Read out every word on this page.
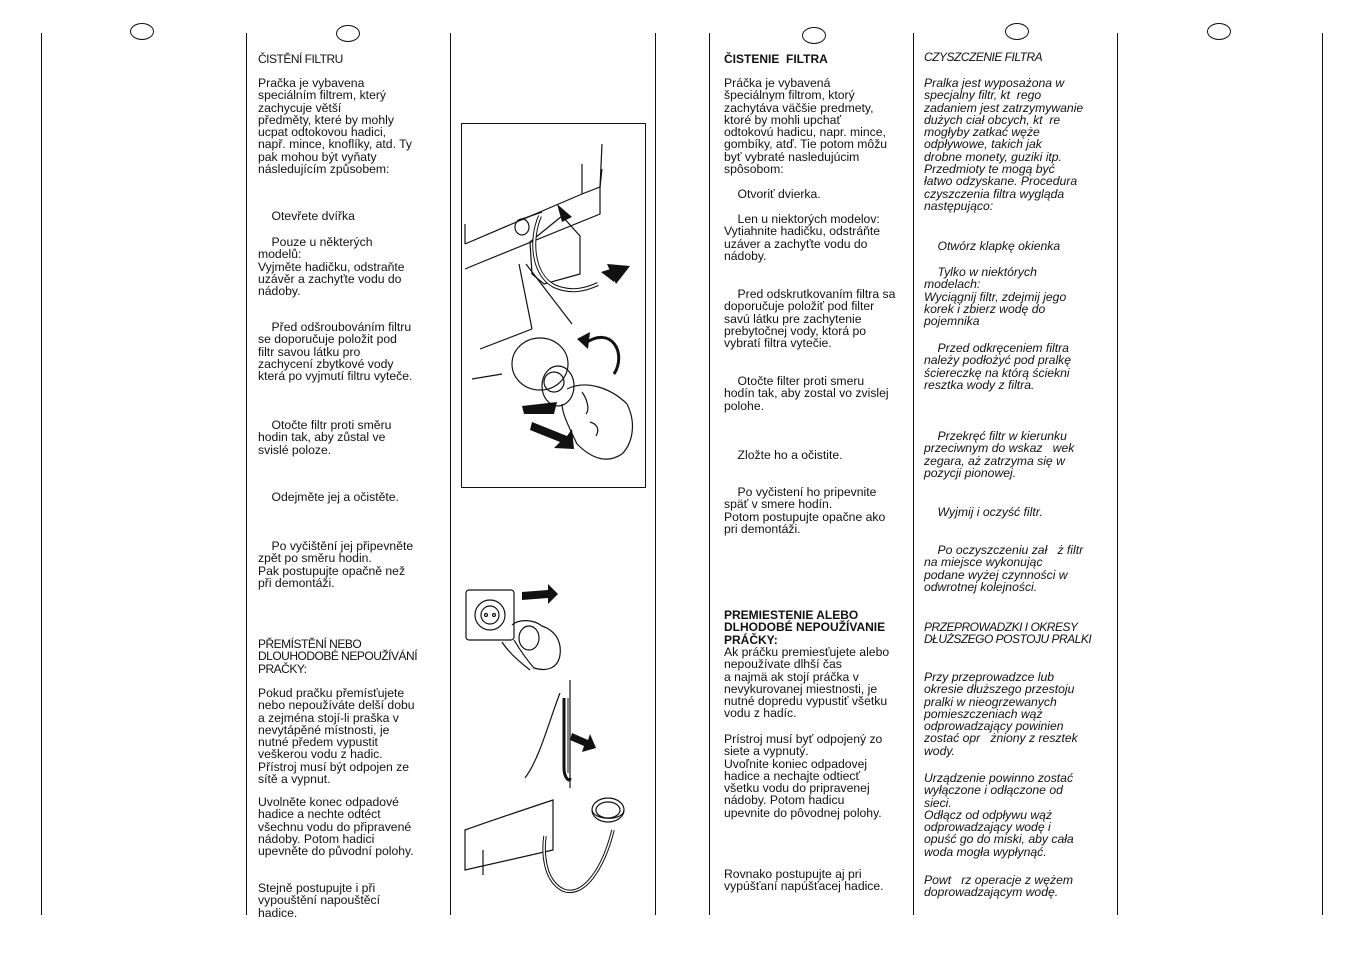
ČISTĚNÍ FILTRU

Pračka je vybavena
speciálním filtrem, který
zachycuje větší
předměty, které by mohly
ucpat odtokovou hadici,
např. mince, knoflíky, atd. Ty
pak mohou být vyňaty
následujícím způsobem:

Otevřete dvířka

Pouze u některých
modelů:
Vyjměte hadičku, odstraňte
uzávěr a zachyťte vodu do
nádoby.

Před odšroubováním filtru
se doporučuje položit pod
filtr savou látku pro
zachycení zbytkové vody
která po vyjmutí filtru vyteče.

Otočte filtr proti směru
hodin tak, aby zůstal ve
svislé poloze.

Odejměte jej a očistěte.

Po vyčištění jej připevněte
zpět po směru hodin.
Pak postupujte opačně než
při demontáži.

PŘEMÍSTĚNÍ NEBO
DLOUHODOBÉ NEPOUŽÍVÁNÍ
PRAČKY:

Pokud pračku přemísťujete
nebo nepoužíváte delší dobu
a zejména stojí-li praška v
nevytápěné místnosti, je
nutné předem vypustit
veškerou vodu z hadic.
Přístroj musí být odpojen ze
sítě a vypnut.

Uvolněte konec odpadové
hadice a nechte odtéct
všechnu vodu do připravené
nádoby. Potom hadici
upevněte do původní polohy.

Stejně postupujte i při
vypouštění napouštěcí
hadice.

ČISTENIE  FILTRA

Práčka je vybavená
špeciálnym filtrom, ktorý
zachytáva väčšie predmety,
ktoré by mohli upchať
odtokovú hadicu, napr. mince,
gombíky, atď. Tie potom môžu
byť vybraté nasledujúcim
spôsobom:

Otvoriť dvierka.

Len u niektorých modelov:
Vytiahnite hadičku, odstráňte
uzáver a zachyťte vodu do
nádoby.

Pred odskrutkovaním filtra sa
doporučuje položiť pod filter
savú látku pre zachytenie
prebytočnej vody, ktorá po
vybratí filtra vytečie.

Otočte filter proti smeru
hodín tak, aby zostal vo zvislej
polohe.

Zložte ho a očistite.

Po vyčistení ho pripevnite
späť v smere hodín.
Potom postupujte opačne ako
pri demontáži.

PREMIESTENIE ALEBO
DLHODOBÉ NEPOUŽÍVANIE
PRÁČKY:

Ak práčku premiesťujete alebo
nepoužívate dlhší čas
a najmä ak stojí práčka v
nevykurovanej miestnosti, je
nutné dopredu vypustiť všetku
vodu z hadíc.

Prístroj musí byť odpojený zo
siete a vypnutý.
Uvoľnite koniec odpadovej
hadice a nechajte odtiecť
všetku vodu do pripravenej
nádoby. Potom hadicu
upevnite do pôvodnej polohy.

Rovnako postupujte aj pri
vypúšťaní napúšťacej hadice.

CZYSZCZENIE FILTRA

Pralka jest wyposażona w
specjalny filtr, kt  rego
zadaniem jest zatrzymywanie
dużych ciał obcych, kt  re
mogłyby zatkać węże
odpływowe, takich jak
drobne monety, guziki itp.
Przedmioty te mogą być
łatwo odzyskane. Procedura
czyszczenia filtra wygląda
następująco:

Otwórz klapkę okienka

Tylko w niektórych
modelach:
Wyciągnij filtr, zdejmij jego
korek i zbierz wodę do
pojemnika

Przed odkręceniem filtra
należy podłożyć pod pralkę
ściereczkę na którą ściekni
resztka wody z filtra.

Przekręć filtr w kierunku
przeciwnym do wskaz   wek
zegara, aż zatrzyma się w
pozycji pionowej.

Wyjmij i oczyść filtr.

Po oczyszczeniu zał   ż filtr
na miejsce wykonując
podane wyżej czynności w
odwrotnej kolejności.

PRZEPROWADZKI I OKRESY
DŁUŻSZEGO POSTOJU PRALKI

Przy przeprowadzce lub
okresie dłuższego przestoju
pralki w nieogrzewanych
pomieszczeniach wąż
odprowadzający powinien
zostać opr   żniony z resztek
wody.

Urządzenie powinno zostać
wyłączone i odłączone od
sieci.
Odłącz od odpływu wąż
odprowadzający wodę i
opuść go do miski, aby cała
woda mogła wypłynąć.

Powt   rz operacje z wężem
doprowadzającym wodę.
